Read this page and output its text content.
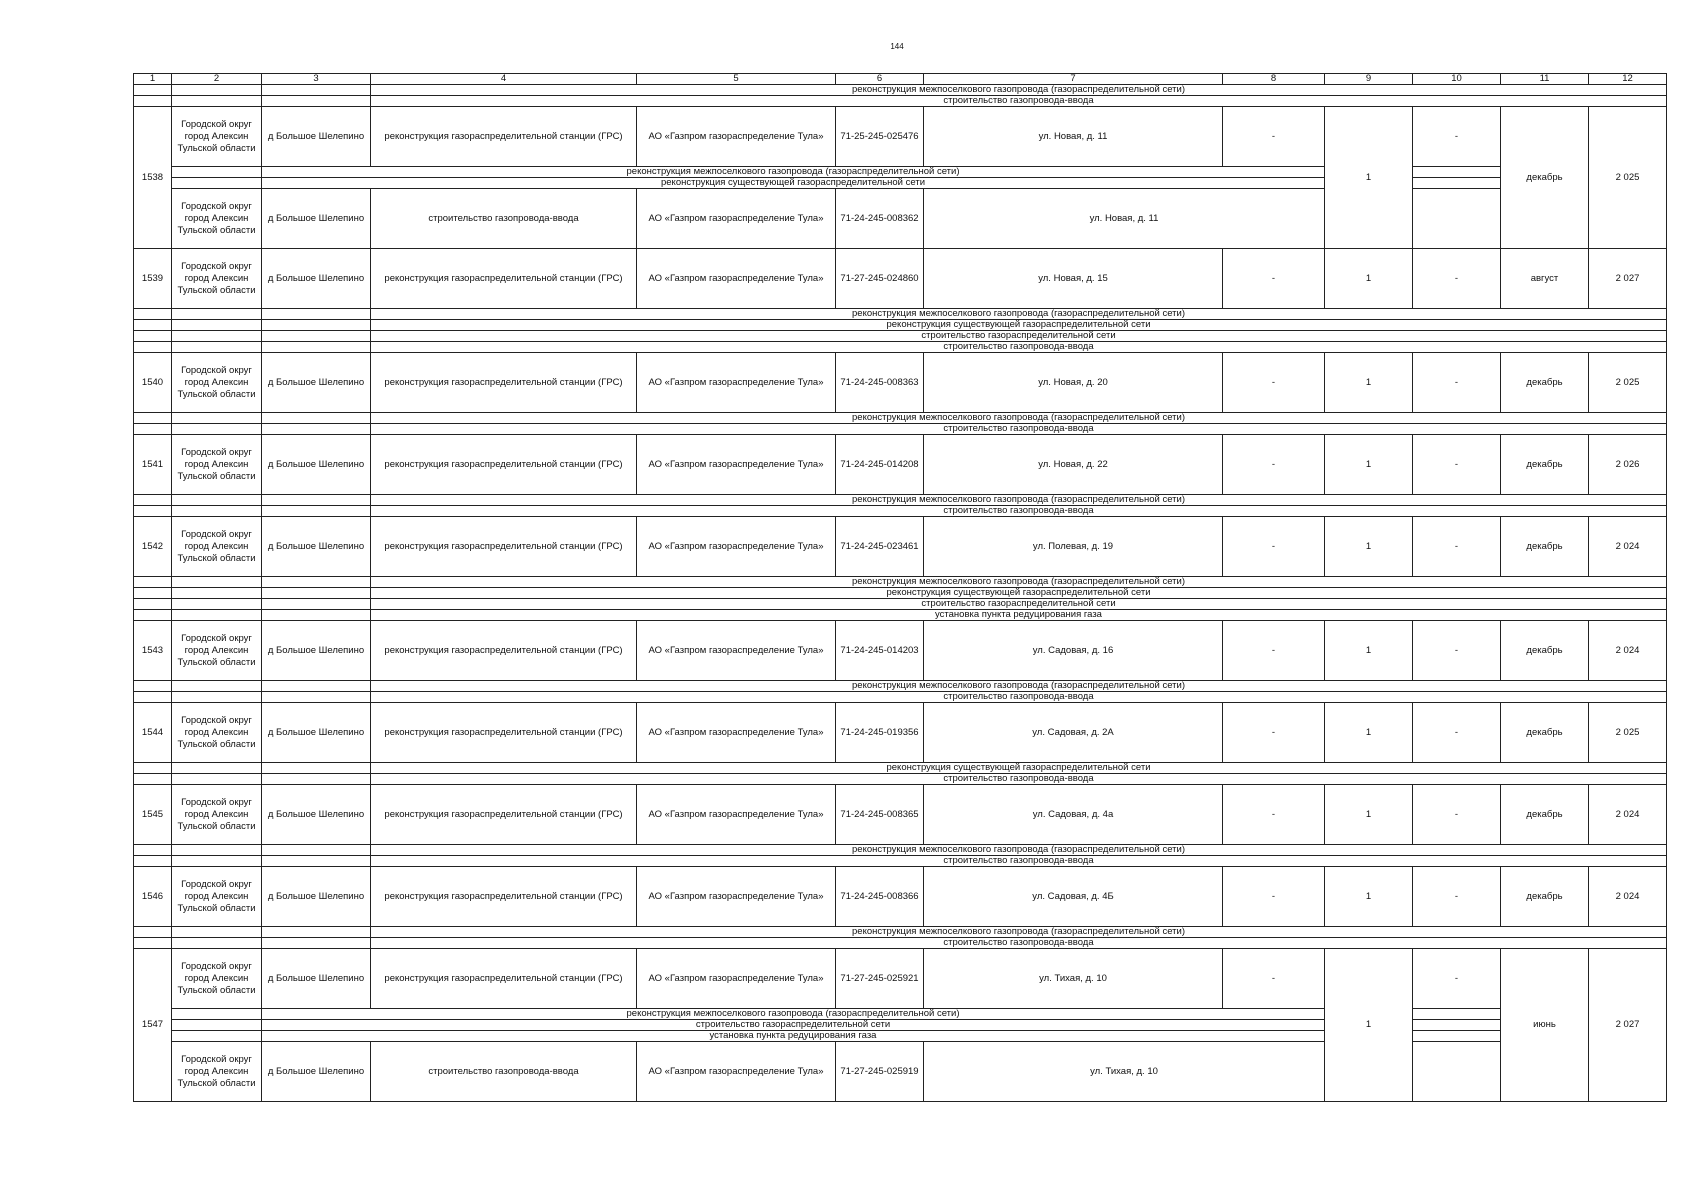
144
1	2	3	4	5	6	7	8	9	10	11	12
			реконструкция межпоселкового газопровода (газораспределительной сети)								
			строительство газопровода-ввода								
1538	Городской округ город Алексин Тульской области	д Большое Шелепино	реконструкция газораспределительной станции (ГРС)	АО «Газпром газораспределение Тула»	71-25-245-025476	ул. Новая, д. 11	-	1	-	декабрь	2 025
		реконструкция межпоселкового газопровода (газораспределительной сети)									
		реконструкция существующей газораспределительной сети									
	Городской округ город Алексин Тульской области	д Большое Шелепино	строительство газопровода-ввода	АО «Газпром газораспределение Тула»	71-24-245-008362	ул. Новая, д. 11					
1539	Городской округ город Алексин Тульской области	д Большое Шелепино	реконструкция газораспределительной станции (ГРС)	АО «Газпром газораспределение Тула»	71-27-245-024860	ул. Новая, д. 15	-	1	-	август	2 027
			реконструкция межпоселкового газопровода (газораспределительной сети)								
			реконструкция существующей газораспределительной сети								
			строительство газораспределительной сети								
			строительство газопровода-ввода								
1540	Городской округ город Алексин Тульской области	д Большое Шелепино	реконструкция газораспределительной станции (ГРС)	АО «Газпром газораспределение Тула»	71-24-245-008363	ул. Новая, д. 20	-	1	-	декабрь	2 025
			реконструкция межпоселкового газопровода (газораспределительной сети)								
			строительство газопровода-ввода								
1541	Городской округ город Алексин Тульской области	д Большое Шелепино	реконструкция газораспределительной станции (ГРС)	АО «Газпром газораспределение Тула»	71-24-245-014208	ул. Новая, д. 22	-	1	-	декабрь	2 026
			реконструкция межпоселкового газопровода (газораспределительной сети)								
			строительство газопровода-ввода								
1542	Городской округ город Алексин Тульской области	д Большое Шелепино	реконструкция газораспределительной станции (ГРС)	АО «Газпром газораспределение Тула»	71-24-245-023461	ул. Полевая, д. 19	-	1	-	декабрь	2 024
			реконструкция межпоселкового газопровода (газораспределительной сети)								
			реконструкция существующей газораспределительной сети								
			строительство газораспределительной сети								
			установка пункта редуцирования газа								
1543	Городской округ город Алексин Тульской области	д Большое Шелепино	реконструкция газораспределительной станции (ГРС)	АО «Газпром газораспределение Тула»	71-24-245-014203	ул. Садовая, д. 16	-	1	-	декабрь	2 024
			реконструкция межпоселкового газопровода (газораспределительной сети)								
			строительство газопровода-ввода								
1544	Городской округ город Алексин Тульской области	д Большое Шелепино	реконструкция газораспределительной станции (ГРС)	АО «Газпром газораспределение Тула»	71-24-245-019356	ул. Садовая, д. 2А	-	1	-	декабрь	2 025
			реконструкция существующей газораспределительной сети								
			строительство газопровода-ввода								
1545	Городской округ город Алексин Тульской области	д Большое Шелепино	реконструкция газораспределительной станции (ГРС)	АО «Газпром газораспределение Тула»	71-24-245-008365	ул. Садовая, д. 4а	-	1	-	декабрь	2 024
			реконструкция межпоселкового газопровода (газораспределительной сети)								
			строительство газопровода-ввода								
1546	Городской округ город Алексин Тульской области	д Большое Шелепино	реконструкция газораспределительной станции (ГРС)	АО «Газпром газораспределение Тула»	71-24-245-008366	ул. Садовая, д. 4Б	-	1	-	декабрь	2 024
			реконструкция межпоселкового газопровода (газораспределительной сети)								
			строительство газопровода-ввода								
1547	Городской округ город Алексин Тульской области	д Большое Шелепино	реконструкция газораспределительной станции (ГРС)	АО «Газпром газораспределение Тула»	71-27-245-025921	ул. Тихая, д. 10	-	1	-	июнь	2 027
		реконструкция межпоселкового газопровода (газораспределительной сети)									
		строительство газораспределительной сети									
		установка пункта редуцирования газа									
	Городской округ город Алексин Тульской области	д Большое Шелепино	строительство газопровода-ввода	АО «Газпром газораспределение Тула»	71-27-245-025919	ул. Тихая, д. 10					
